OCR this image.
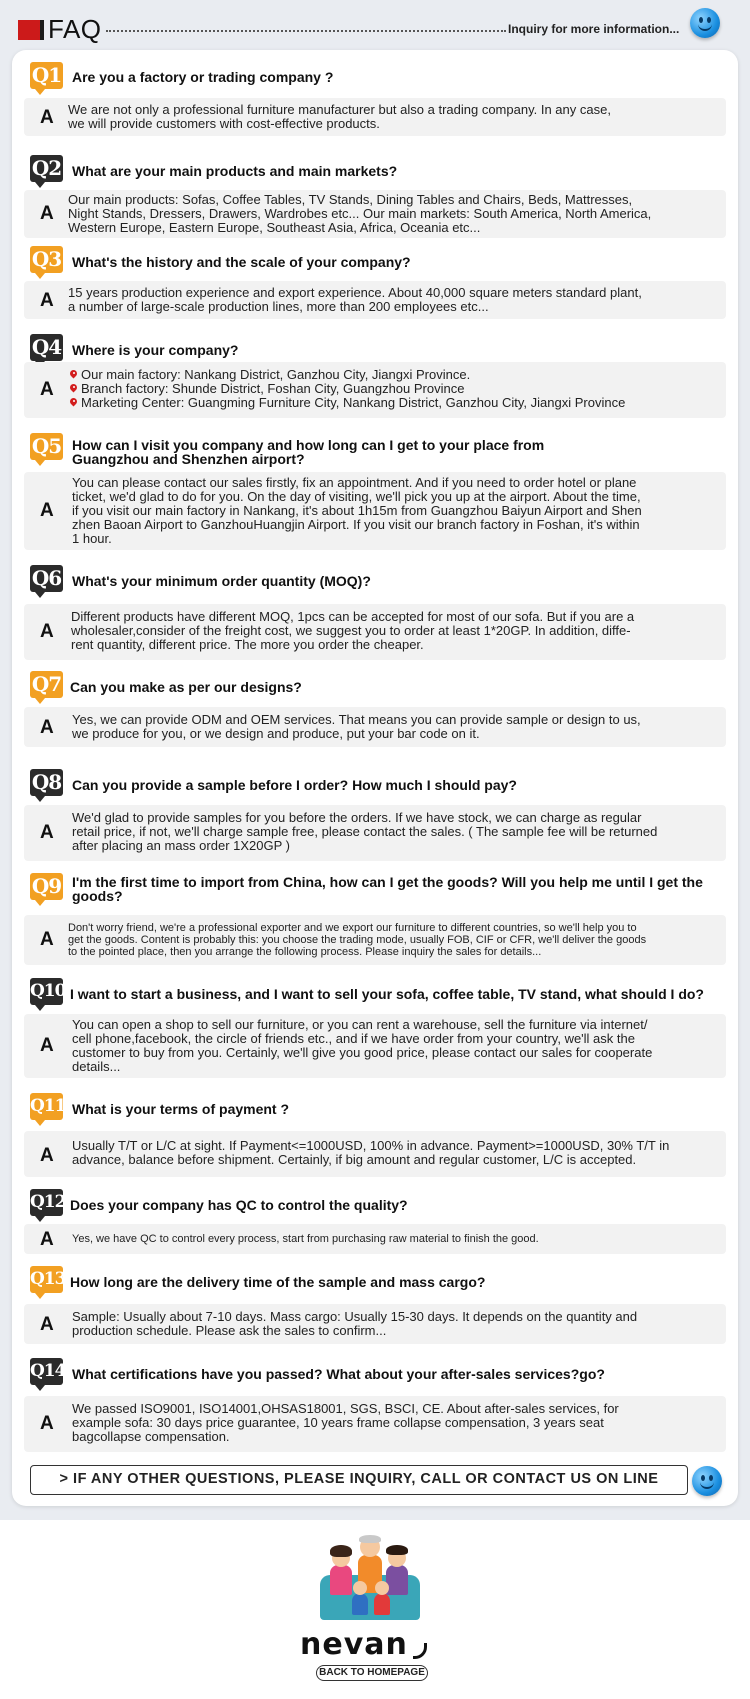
FAQ	Inquiry for more information...
Q1 Are you a factory or trading company ?
A We are not only a professional furniture manufacturer but also a trading company. In any case,
we will provide customers with cost-effective products.
Q2 What are your main products and main markets?
A
Our main products: Sofas, Coffee Tables, TV Stands, Dining Tables and Chairs, Beds, Mattresses,
Night Stands, Dressers, Drawers, Wardrobes etc... Our main markets: South America, North America,
Western Europe, Eastern Europe, Southeast Asia, Africa, Oceania etc...
Q3 What's the history and the scale of your company?
A 15 years production experience and export experience. About 40,000 square meters standard plant,
a number of large-scale production lines, more than 200 employees etc...
Q4 Where is your company?
A
Our main factory: Nankang District, Ganzhou City, Jiangxi Province.
Branch factory: Shunde District, Foshan City, Guangzhou Province
Marketing Center: Guangming Furniture City, Nankang District, Ganzhou City, Jiangxi Province
Q5 How can I visit you company and how long can I get to your place from
Guangzhou and Shenzhen airport?
A
You can please contact our sales firstly, fix an appointment. And if you need to order hotel or plane
ticket, we'd glad to do for you. On the day of visiting, we'll pick you up at the airport. About the time,
if you visit our main factory in Nankang, it's about 1h15m from Guangzhou Baiyun Airport and Shen
zhen Baoan Airport to GanzhouHuangjin Airport. If you visit our branch factory in Foshan, it's within
1 hour.
Q6 What's your minimum order quantity (MOQ)?
A
Different products have different MOQ, 1pcs can be accepted for most of our sofa. But if you are a
wholesaler,consider of the freight cost, we suggest you to order at least 1*20GP. In addition, diffe-
rent quantity, different price. The more you order the cheaper.
Q7 Can you make as per our designs?
A Yes, we can provide ODM and OEM services. That means you can provide sample or design to us,
we produce for you, or we design and produce, put your bar code on it.
Q8 Can you provide a sample before I order? How much I should pay?
A
We'd glad to provide samples for you before the orders. If we have stock, we can charge as regular
retail price, if not, we'll charge sample free, please contact the sales. ( The sample fee will be returned
after placing an mass order 1X20GP )
Q9 I'm the first time to import from China, how can I get the goods? Will you help me until I get the
goods?
A
Don't worry friend, we're a professional exporter and we export our furniture to different countries, so we'll help you to
get the goods. Content is probably this: you choose the trading mode, usually FOB, CIF or CFR, we'll deliver the goods
to the pointed place, then you arrange the following process. Please inquiry the sales for details...
Q10 I want to start a business, and I want to sell your sofa, coffee table, TV stand, what should I do?
A
You can open a shop to sell our furniture, or you can rent a warehouse, sell the furniture via internet/
cell phone,facebook, the circle of friends etc., and if we have order from your country, we'll ask the
customer to buy from you. Certainly, we'll give you good price, please contact our sales for cooperate
details...
Q11 What is your terms of payment ?
A Usually T/T or L/C at sight. If Payment<=1000USD, 100% in advance. Payment>=1000USD, 30% T/T in
advance, balance before shipment. Certainly, if big amount and regular customer, L/C is accepted.
Q12 Does your company has QC to control the quality?
A Yes, we have QC to control every process, start from purchasing raw material to finish the good.
Q13 How long are the delivery time of the sample and mass cargo?
A Sample: Usually about 7-10 days. Mass cargo: Usually 15-30 days. It depends on the quantity and
production schedule. Please ask the sales to confirm...
Q14 What certifications have you passed? What about your after-sales services?go?
A
We passed ISO9001, ISO14001,OHSAS18001, SGS, BSCI, CE. About after-sales services, for
example sofa: 30 days price guarantee, 10 years frame collapse compensation, 3 years seat
bagcollapse compensation.
> IF ANY OTHER QUESTIONS, PLEASE INQUIRY, CALL OR CONTACT US ON LINE
nevan
BACK TO HOMEPAGE
